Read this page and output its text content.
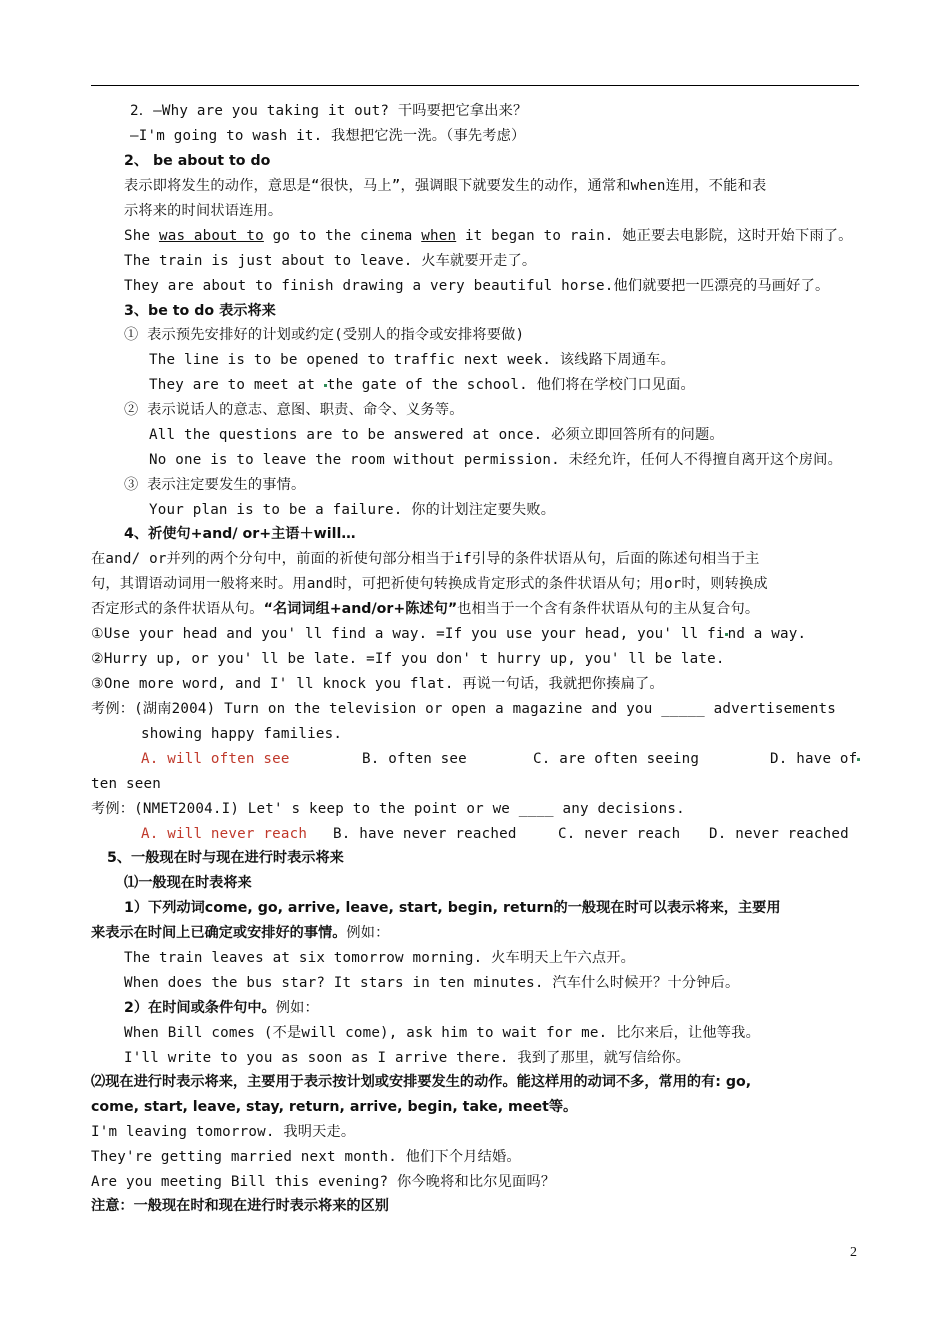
2．—Why are you taking it out? 干吗要把它拿出来？
—I'm going to wash it. 我想把它洗一洗。（事先考虑）
2、 be about to do
表示即将发生的动作，意思是“很快，马上”，强调眼下就要发生的动作，通常和when连用，不能和表
示将来的时间状语连用。
She was about to go to the cinema when it began to rain. 她正要去电影院，这时开始下雨了。
The train is just about to leave. 火车就要开走了。
They are about to finish drawing a very beautiful horse.他们就要把一匹漂亮的马画好了。
3、be to do 表示将来
① 表示预先安排好的计划或约定(受别人的指令或安排将要做)
The line is to be opened to traffic next week. 该线路下周通车。
They are to meet at the gate of the school. 他们将在学校门口见面。
② 表示说话人的意志、意图、职责、命令、义务等。
All the questions are to be answered at once. 必须立即回答所有的问题。
No one is to leave the room without permission. 未经允许，任何人不得擅自离开这个房间。
③ 表示注定要发生的事情。
Your plan is to be a failure. 你的计划注定要失败。
4、祈使句+and/ or+主语＋will…
在and/ or并列的两个分句中，前面的祈使句部分相当于if引导的条件状语从句，后面的陈述句相当于主
句，其谓语动词用一般将来时。用and时，可把祈使句转换成肯定形式的条件状语从句；用or时，则转换成
否定形式的条件状语从句。“名词词组+and/or+陈述句”也相当于一个含有条件状语从句的主从复合句。
①Use your head and you' ll find a way. =If you use your head, you' ll fi nd a way.
②Hurry up, or you' ll be late. =If you don' t hurry up, you' ll be late.
③One more word, and I' ll knock you flat. 再说一句话，我就把你揍扁了。
考例：(湖南2004) Turn on the television or open a magazine and you _____ advertisements
showing happy families.
A. will often see	B. often see	C. are often seeing	D. have of
ten seen
考例：(NMET2004.I) Let' s keep to the point or we ____ any decisions.
A. will never reach B. have never reached	C. never reach D. never reached
5、一般现在时与现在进行时表示将来
⑴一般现在时表将来
1）下列动词come, go, arrive, leave, start, begin, return的一般现在时可以表示将来，主要用
来表示在时间上已确定或安排好的事情。例如：
The train leaves at six tomorrow morning. 火车明天上午六点开。
When does the bus star? It stars in ten minutes. 汽车什么时候开？十分钟后。
2）在时间或条件句中。例如：
When Bill comes (不是will come), ask him to wait for me. 比尔来后，让他等我。
I'll write to you as soon as I arrive there. 我到了那里，就写信给你。
⑵现在进行时表示将来，主要用于表示按计划或安排要发生的动作。能这样用的动词不多，常用的有: go,
come, start, leave, stay, return, arrive, begin, take, meet等。
I'm leaving tomorrow. 我明天走。
They're getting married next month. 他们下个月结婚。
Are you meeting Bill this evening? 你今晚将和比尔见面吗？
注意：一般现在时和现在进行时表示将来的区别
2
